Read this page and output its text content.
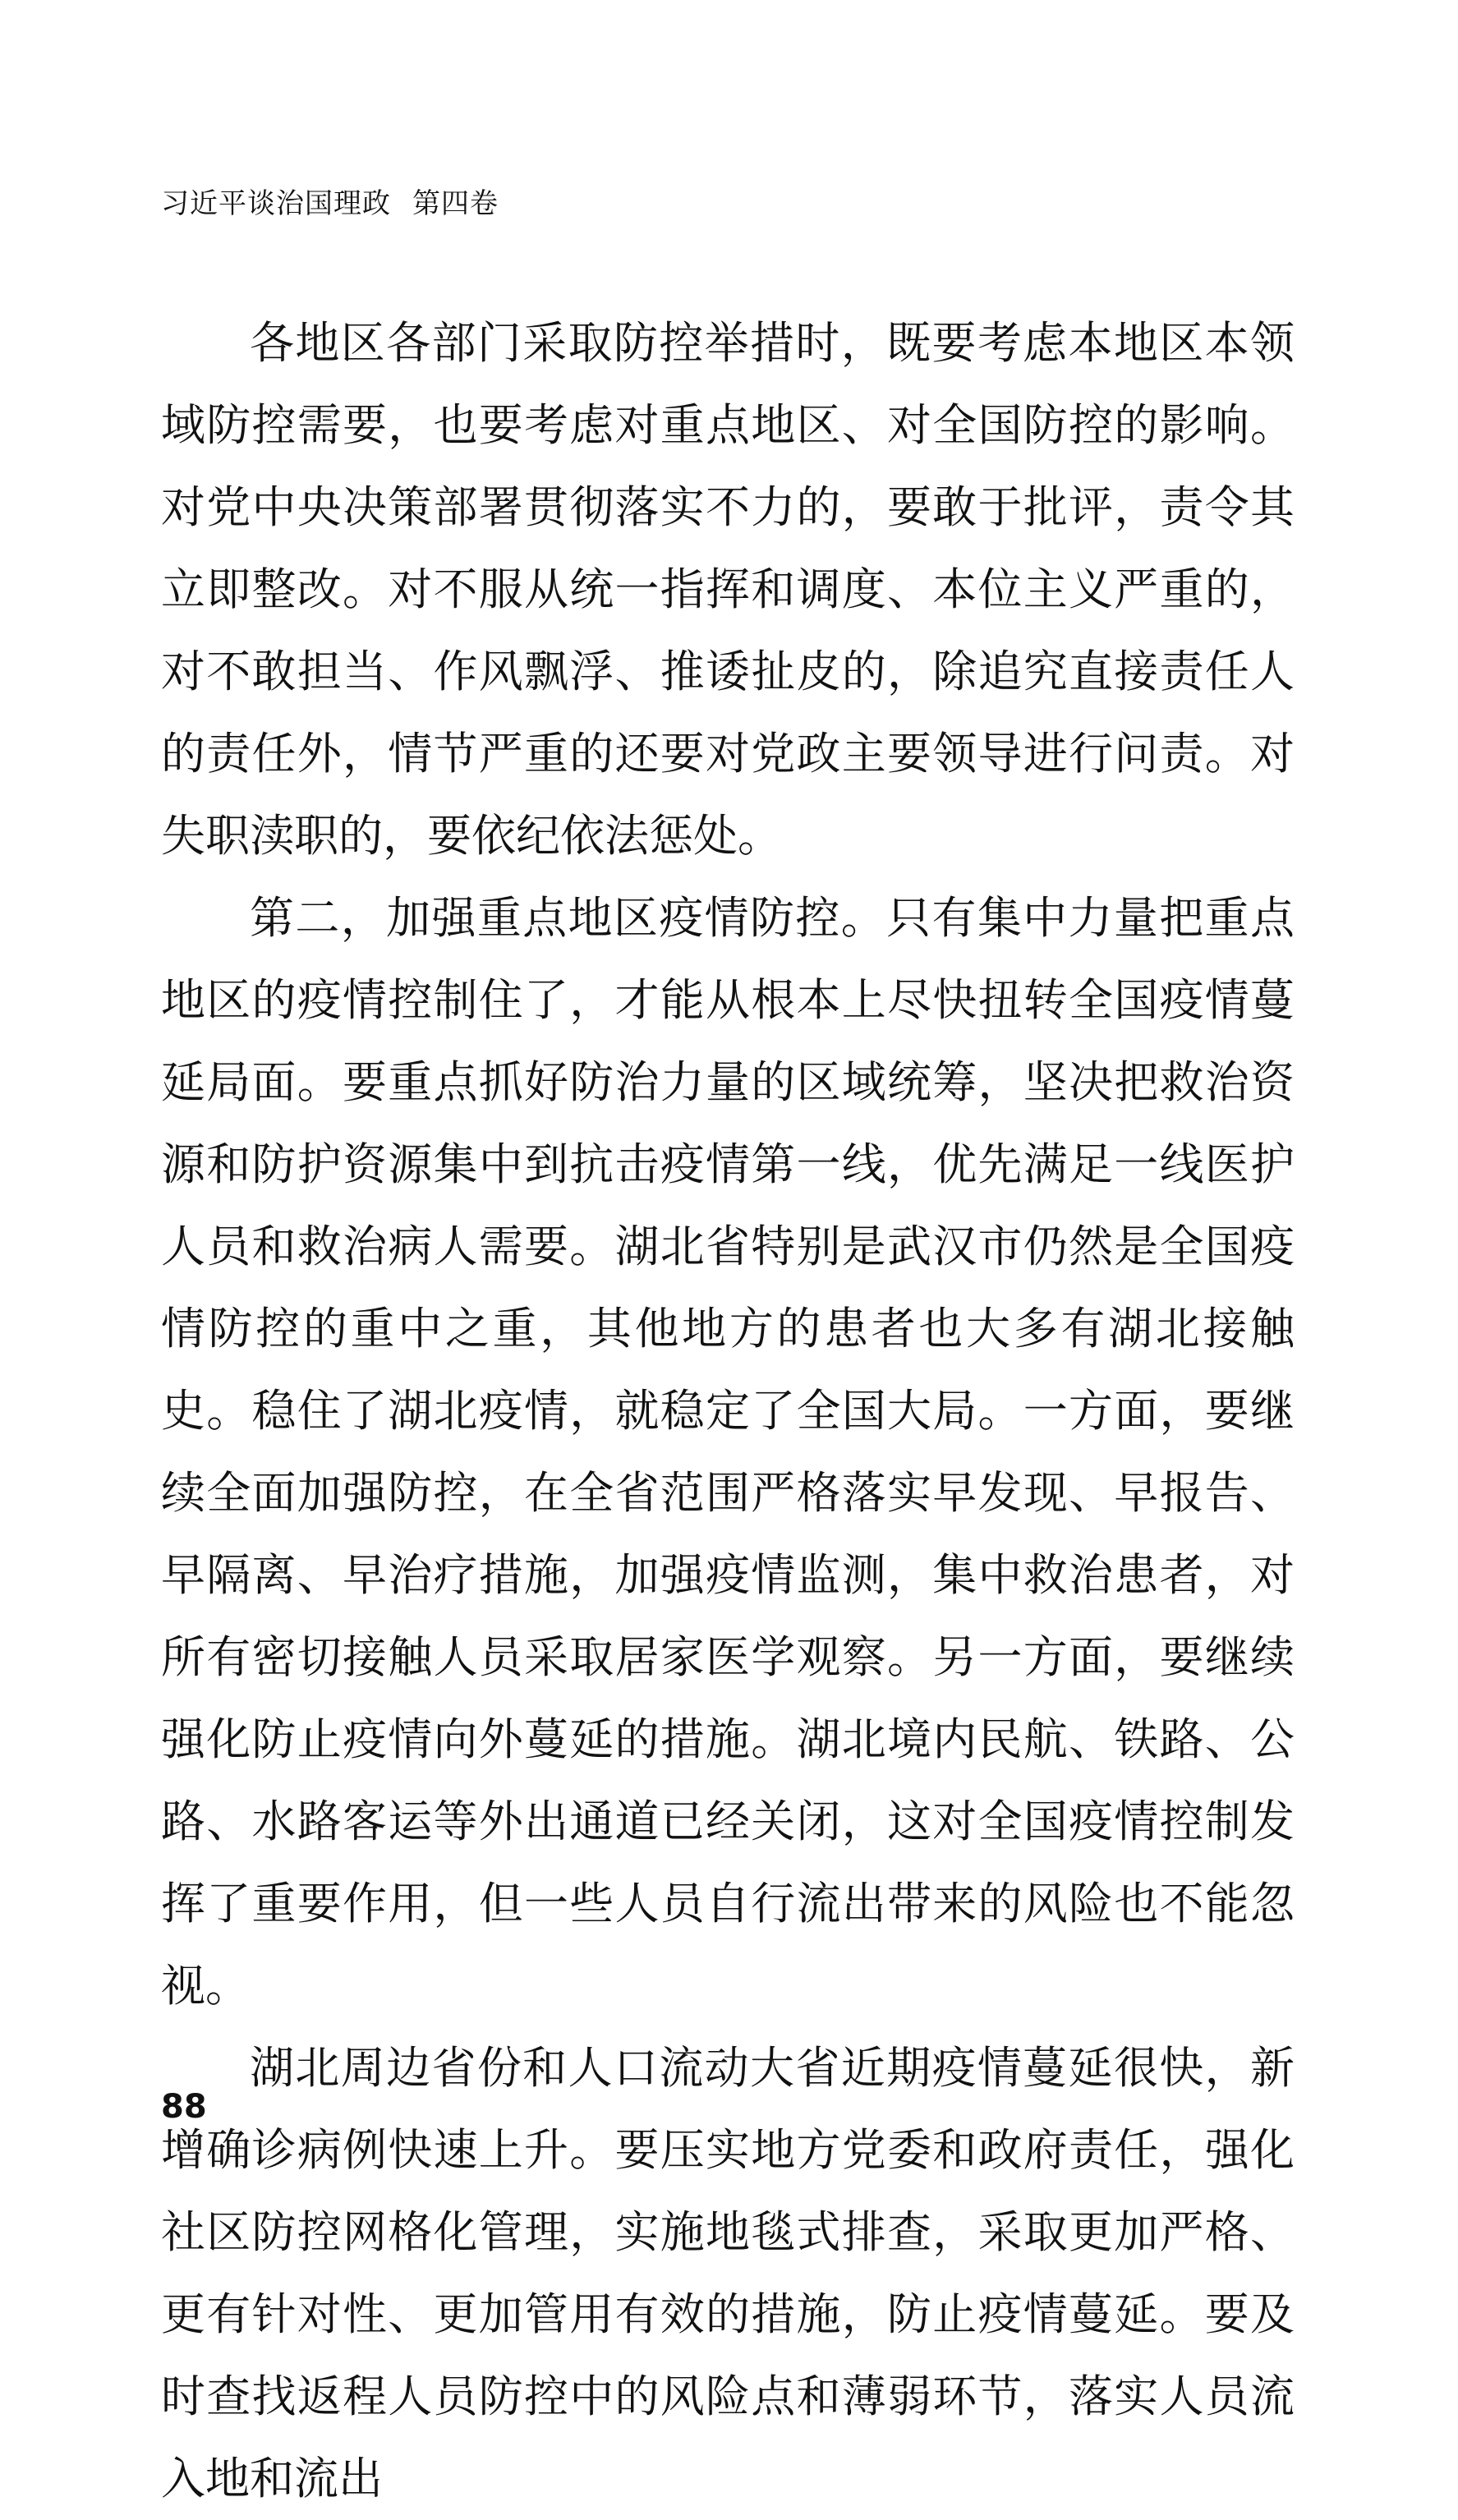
习近平谈治国理政 第四卷

各地区各部门采取防控举措时，既要考虑本地区本领域防控需要，也要考虑对重点地区、对全国防控的影响。对党中央决策部署贯彻落实不力的，要敢于批评，责令其立即整改。对不服从统一指挥和调度、本位主义严重的，对不敢担当、作风飘浮、推诿扯皮的，除追究直接责任人的责任外，情节严重的还要对党政主要领导进行问责。对失职渎职的，要依纪依法惩处。

第二，加强重点地区疫情防控。只有集中力量把重点地区的疫情控制住了，才能从根本上尽快扭转全国疫情蔓延局面。要重点抓好防治力量的区域统筹，坚决把救治资源和防护资源集中到抗击疫情第一线，优先满足一线医护人员和救治病人需要。湖北省特别是武汉市仍然是全国疫情防控的重中之重，其他地方的患者也大多有湖北接触史。稳住了湖北疫情，就稳定了全国大局。一方面，要继续全面加强防控，在全省范围严格落实早发现、早报告、早隔离、早治疗措施，加强疫情监测，集中救治患者，对所有密切接触人员采取居家医学观察。另一方面，要继续强化防止疫情向外蔓延的措施。湖北境内民航、铁路、公路、水路客运等外出通道已经关闭，这对全国疫情控制发挥了重要作用，但一些人员自行流出带来的风险也不能忽视。

湖北周边省份和人口流动大省近期疫情蔓延很快，新增确诊病例快速上升。要压实地方党委和政府责任，强化社区防控网格化管理，实施地毯式排查，采取更加严格、更有针对性、更加管用有效的措施，防止疫情蔓延。要及时查找返程人员防控中的风险点和薄弱环节，落实人员流入地和流出

88
